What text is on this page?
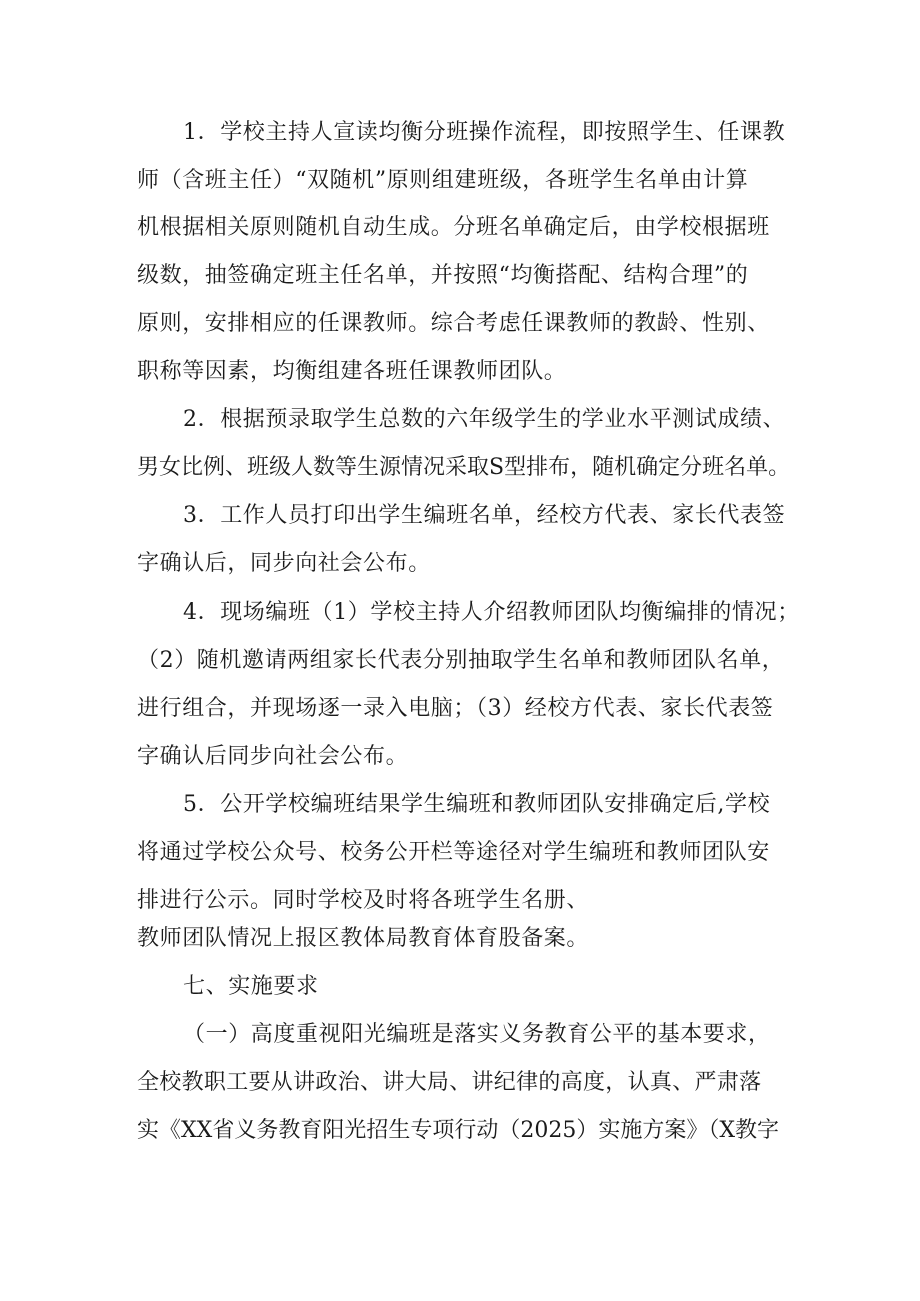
1．学校主持人宣读均衡分班操作流程，即按照学生、任课教
师（含班主任）“双随机”原则组建班级，各班学生名单由计算
机根据相关原则随机自动生成。分班名单确定后，由学校根据班
级数，抽签确定班主任名单，并按照“均衡搭配、结构合理”的
原则，安排相应的任课教师。综合考虑任课教师的教龄、性别、
职称等因素，均衡组建各班任课教师团队。
2．根据预录取学生总数的六年级学生的学业水平测试成绩、
男女比例、班级人数等生源情况采取S型排布，随机确定分班名单。
3．工作人员打印出学生编班名单，经校方代表、家长代表签
字确认后，同步向社会公布。
4．现场编班（1）学校主持人介绍教师团队均衡编排的情况；
（2）随机邀请两组家长代表分别抽取学生名单和教师团队名单，
进行组合，并现场逐一录入电脑；（3）经校方代表、家长代表签
字确认后同步向社会公布。
5．公开学校编班结果学生编班和教师团队安排确定后,学校
将通过学校公众号、校务公开栏等途径对学生编班和教师团队安
排进行公示。同时学校及时将各班学生名册、
教师团队情况上报区教体局教育体育股备案。
七、实施要求
（一）高度重视阳光编班是落实义务教育公平的基本要求，
全校教职工要从讲政治、讲大局、讲纪律的高度，认真、严肃落
实《XX省义务教育阳光招生专项行动（2025）实施方案》（X教字
